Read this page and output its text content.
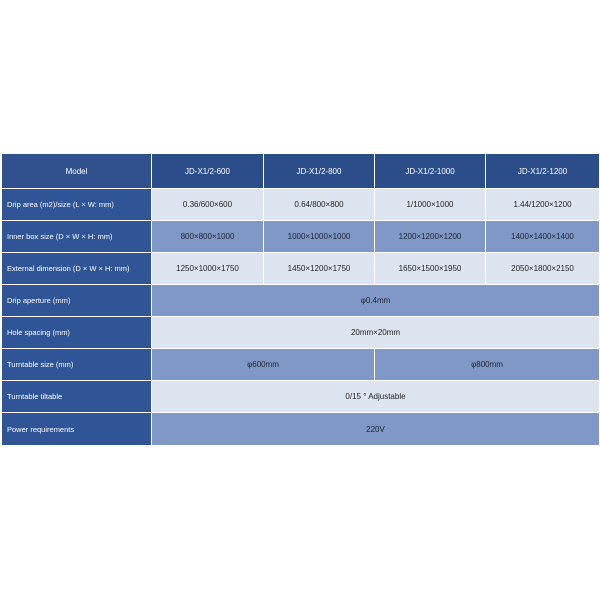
Model	JD-X1/2-600	JD-X1/2-800	JD-X1/2-1000	JD-X1/2-1200
Drip area (m2)/size (L × W: mm)	0.36/600×600	0.64/800×800	1/1000×1000	1.44/1200×1200
Inner box size (D × W × H: mm)	800×800×1000	1000×1000×1000	1200×1200×1200	1400×1400×1400
External dimension (D × W × H: mm)	1250×1000×1750	1450×1200×1750	1650×1500×1950	2050×1800×2150
Drip aperture (mm)	φ0.4mm			
Hole spacing (mm)	20mm×20mm			
Turntable size (mm)	φ600mm		φ800mm	
Turntable tiltable	0/15 ° Adjustable			
Power requirements	220V			
